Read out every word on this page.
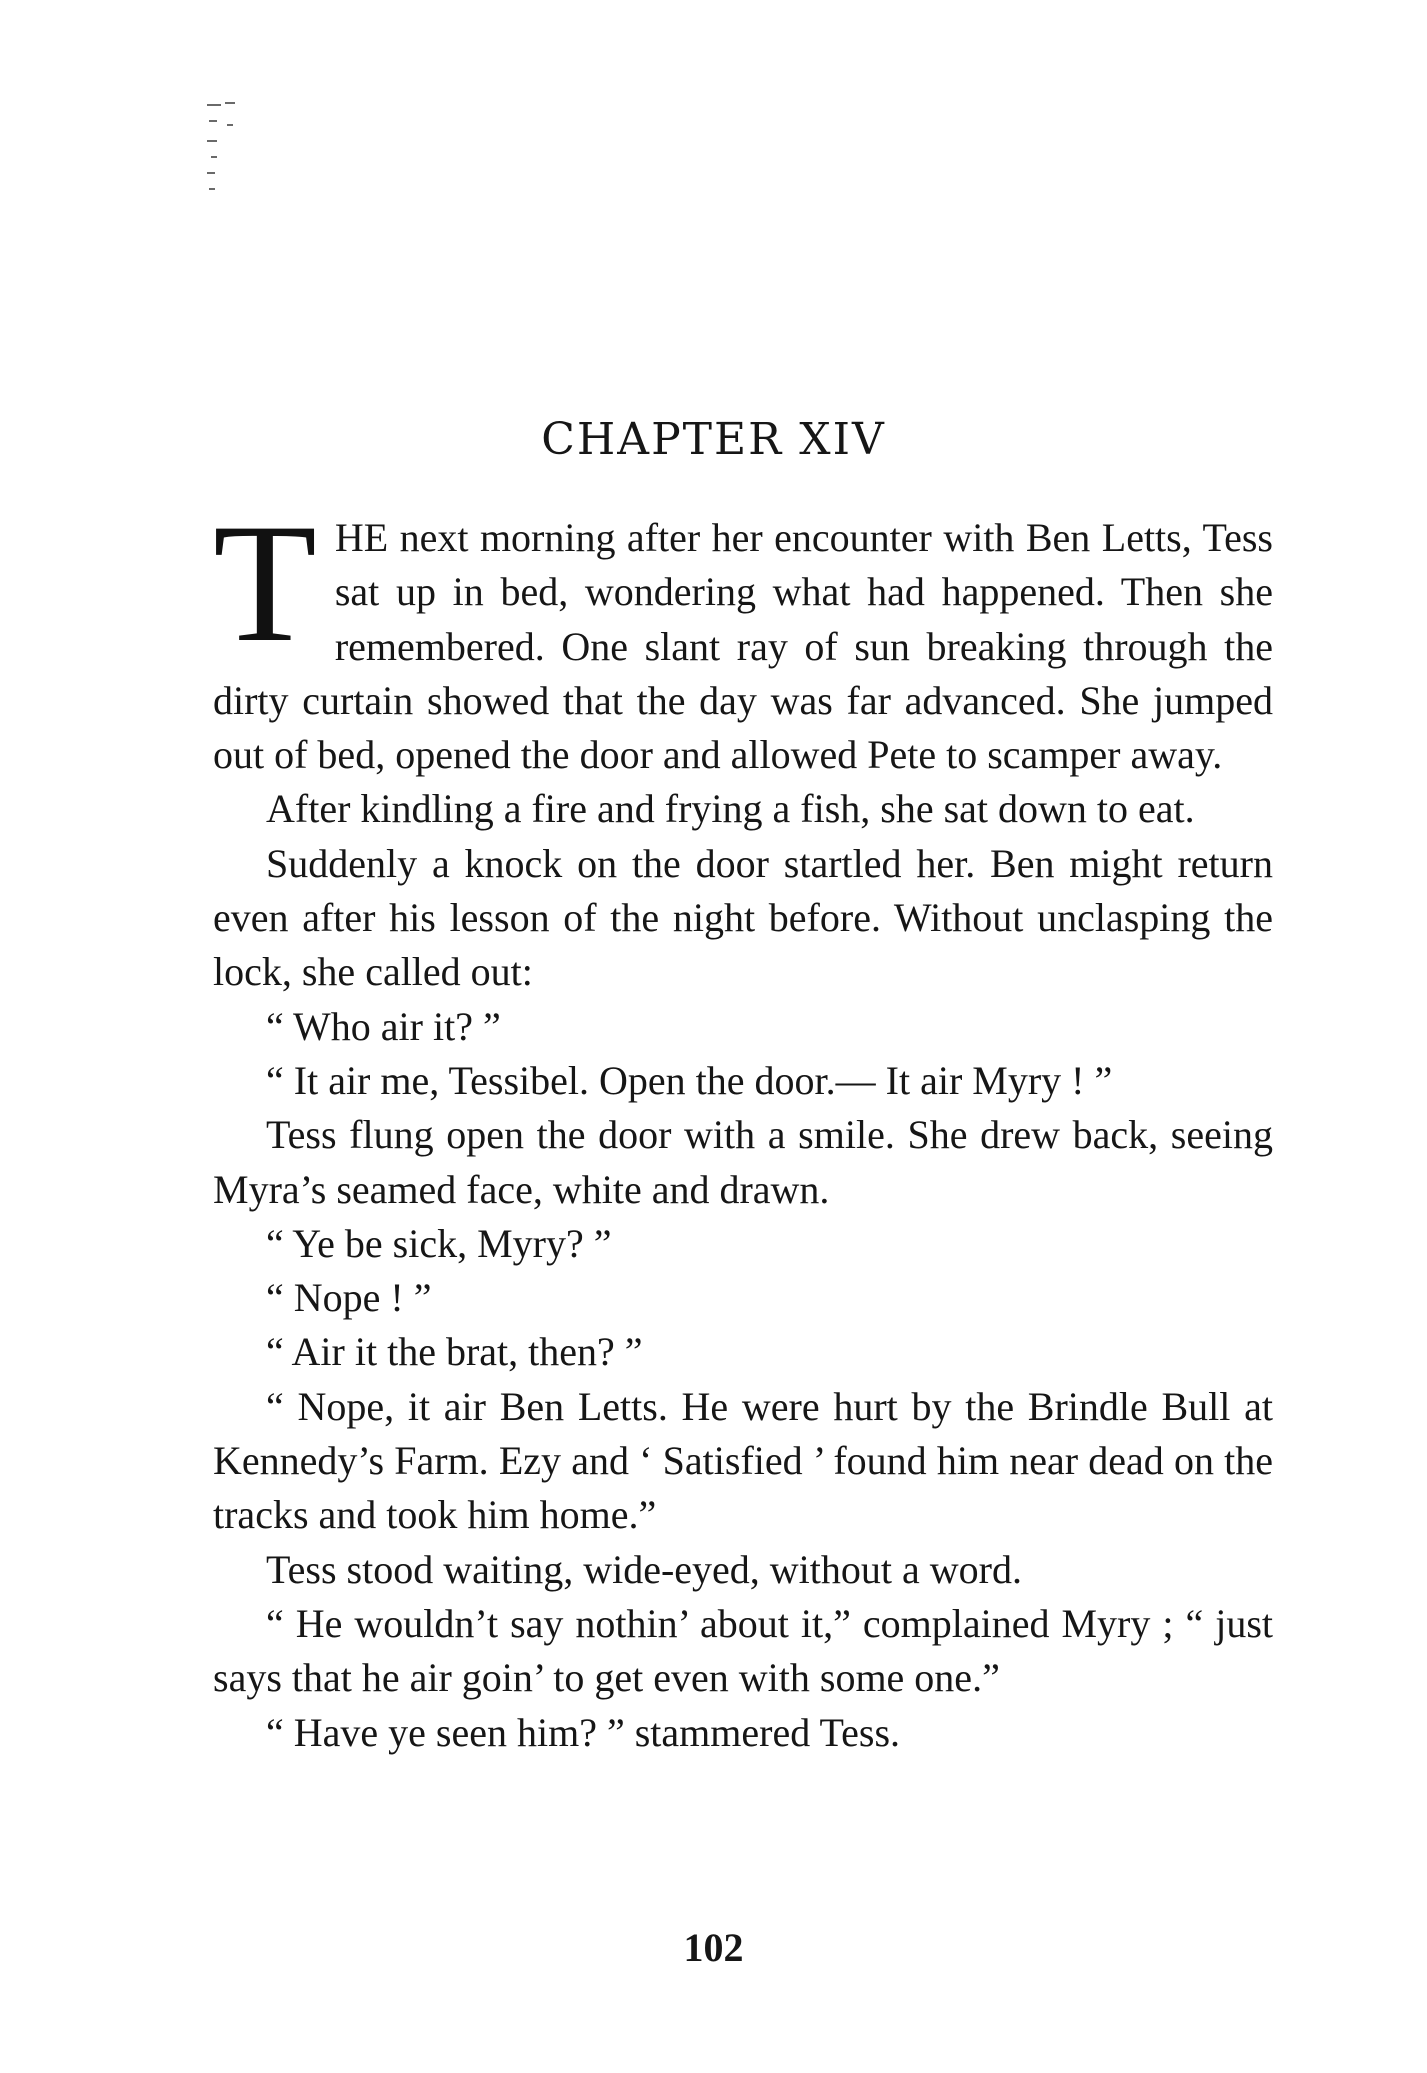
CHAPTER XIV

THE next morning after her encounter with Ben Letts, Tess sat up in bed, wondering what had happened. Then she remembered. One slant ray of sun breaking through the dirty curtain showed that the day was far advanced. She jumped out of bed, opened the door and allowed Pete to scamper away.

After kindling a fire and frying a fish, she sat down to eat.

Suddenly a knock on the door startled her. Ben might return even after his lesson of the night before. Without unclasping the lock, she called out:

“ Who air it? ”

“ It air me, Tessibel. Open the door.— It air Myry ! ”

Tess flung open the door with a smile. She drew back, seeing Myra’s seamed face, white and drawn.

“ Ye be sick, Myry? ”

“ Nope ! ”

“ Air it the brat, then? ”

“ Nope, it air Ben Letts. He were hurt by the Brindle Bull at Kennedy’s Farm. Ezy and ‘ Satisfied ’ found him near dead on the tracks and took him home.”

Tess stood waiting, wide-eyed, without a word.

“ He wouldn’t say nothin’ about it,” complained Myry ; “ just says that he air goin’ to get even with some one.”

“ Have ye seen him? ” stammered Tess.

102
